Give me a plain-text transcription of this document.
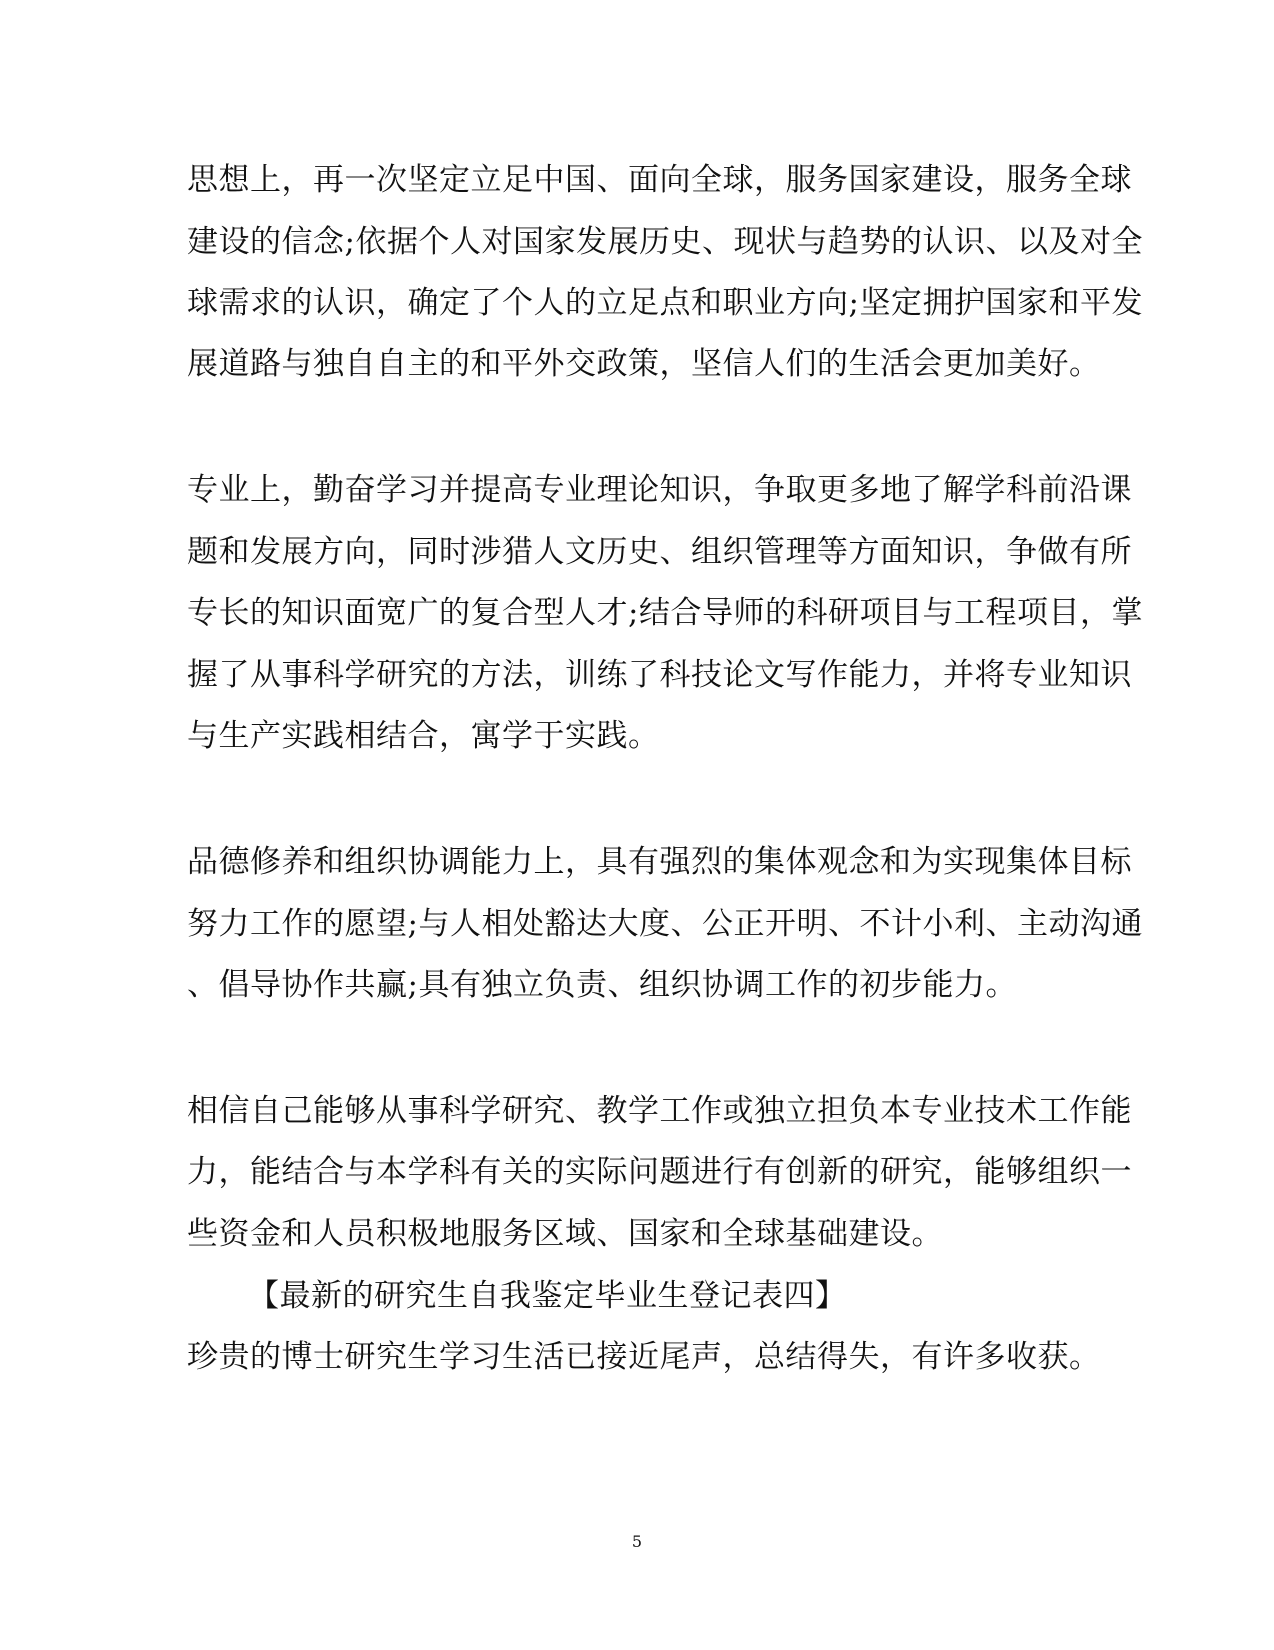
思想上，再一次坚定立足中国、面向全球，服务国家建设，服务全球
建设的信念;依据个人对国家发展历史、现状与趋势的认识、以及对全
球需求的认识，确定了个人的立足点和职业方向;坚定拥护国家和平发
展道路与独自自主的和平外交政策，坚信人们的生活会更加美好。
专业上，勤奋学习并提高专业理论知识，争取更多地了解学科前沿课
题和发展方向，同时涉猎人文历史、组织管理等方面知识，争做有所
专长的知识面宽广的复合型人才;结合导师的科研项目与工程项目，掌
握了从事科学研究的方法，训练了科技论文写作能力，并将专业知识
与生产实践相结合，寓学于实践。
品德修养和组织协调能力上，具有强烈的集体观念和为实现集体目标
努力工作的愿望;与人相处豁达大度、公正开明、不计小利、主动沟通
、倡导协作共赢;具有独立负责、组织协调工作的初步能力。
相信自己能够从事科学研究、教学工作或独立担负本专业技术工作能
力，能结合与本学科有关的实际问题进行有创新的研究，能够组织一
些资金和人员积极地服务区域、国家和全球基础建设。
【最新的研究生自我鉴定毕业生登记表四】
珍贵的博士研究生学习生活已接近尾声，总结得失，有许多收获。
5
